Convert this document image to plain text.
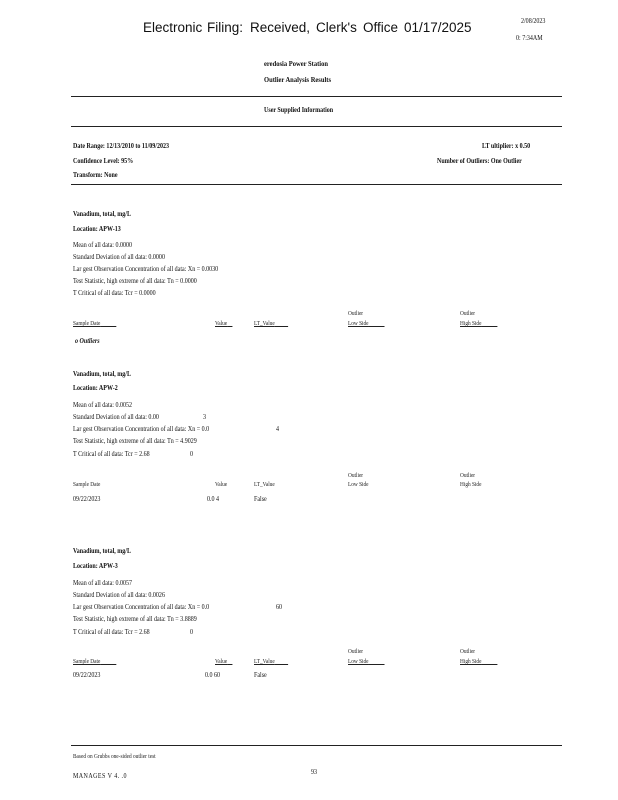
Electronic Filing: Received, Clerk's Office 01/17/2025	2/08/2023
0: 7:34AM
eredosia Power Station
Outlier Analysis Results
User Supplied Information
Date Range: 12/13/2010 to 11/09/2023
Confidence Level: 95%
Transform: None
LT ultiplier: x 0.50
Number of Outliers: One Outlier
Vanadium, total, mg/L
Location: APW-13
Mean of all data: 0.0000
Standard Deviation of all data: 0.0000
Lar gest Observation Concentration of all data: Xn = 0.0030
Test Statistic, high extreme of all data: Tn = 0.0000
T Critical of all data: Tcr = 0.0000
Outlier	Outlier
Sample Date	Value	LT_Value	Low Side	High Side
o Outliers
Vanadium, total, mg/L
Location: APW-2
Mean of all data: 0.0052
Standard Deviation of all data: 0.00	3
Lar gest Observation Concentration of all data: Xn = 0.0	4
Test Statistic, high extreme of all data: Tn = 4.9029
T Critical of all data: Tcr = 2.68	0
Outlier	Outlier
Sample Date	Value	LT_Value	Low Side	High Side
09/22/2023	0.0 4	False
Vanadium, total, mg/L
Location: APW-3
Mean of all data: 0.0057
Standard Deviation of all data: 0.0026
Lar gest Observation Concentration of all data: Xn = 0.0	60
Test Statistic, high extreme of all data: Tn = 3.8889
T Critical of all data: Tcr = 2.68	0
Outlier	Outlier
Sample Date	Value	LT_Value	Low Side	High Side
09/22/2023	0.0 60	False
Based on Grubbs one-sided outlier test
MANAGES V 4. .0	93
